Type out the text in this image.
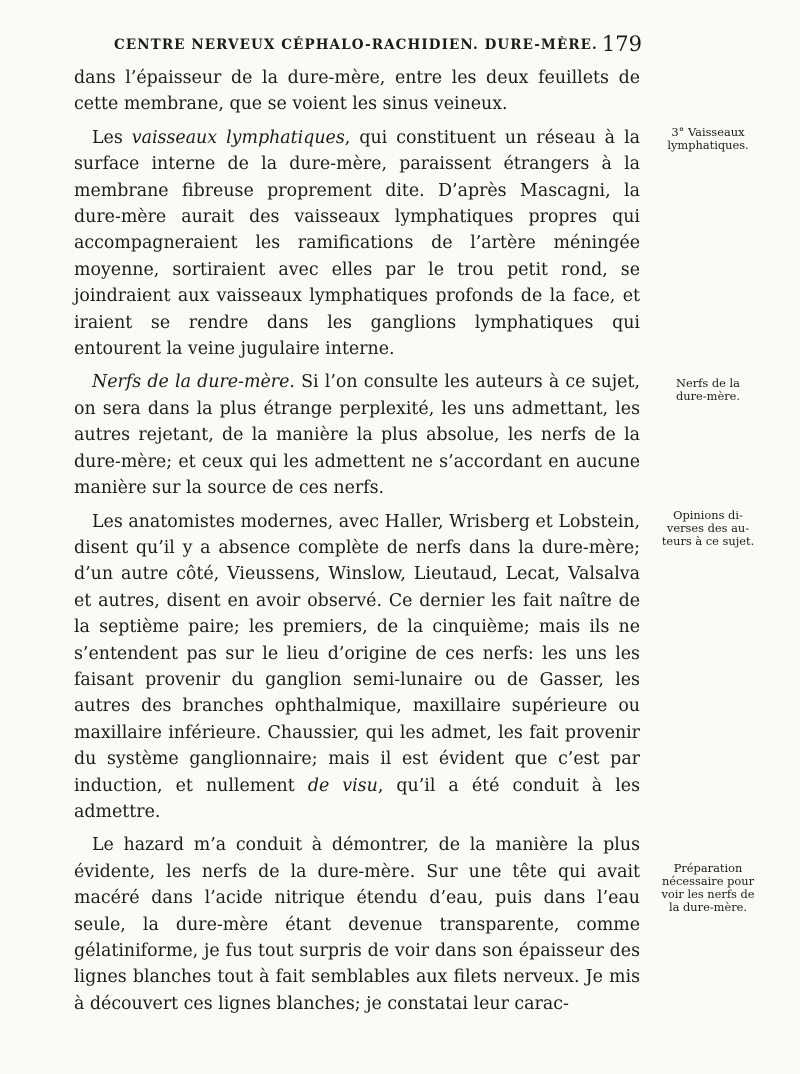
CENTRE NERVEUX CÉPHALO-RACHIDIEN. DURE-MÈRE. 179

dans l’épaisseur de la dure-mère, entre les deux feuillets de cette membrane, que se voient les sinus veineux.

Les vaisseaux lymphatiques, qui constituent un réseau à la surface interne de la dure-mère, paraissent étrangers à la membrane fibreuse proprement dite. D’après Mascagni, la dure-mère aurait des vaisseaux lymphatiques propres qui accompagneraient les ramifications de l’artère méningée moyenne, sortiraient avec elles par le trou petit rond, se joindraient aux vaisseaux lymphatiques profonds de la face, et iraient se rendre dans les ganglions lymphatiques qui entourent la veine jugulaire interne.

Nerfs de la dure-mère. Si l’on consulte les auteurs à ce sujet, on sera dans la plus étrange perplexité, les uns admettant, les autres rejetant, de la manière la plus absolue, les nerfs de la dure-mère; et ceux qui les admettent ne s’accordant en aucune manière sur la source de ces nerfs.

Les anatomistes modernes, avec Haller, Wrisberg et Lobstein, disent qu’il y a absence complète de nerfs dans la dure-mère; d’un autre côté, Vieussens, Winslow, Lieutaud, Lecat, Valsalva et autres, disent en avoir observé. Ce dernier les fait naître de la septième paire; les premiers, de la cinquième; mais ils ne s’entendent pas sur le lieu d’origine de ces nerfs: les uns les faisant provenir du ganglion semi-lunaire ou de Gasser, les autres des branches ophthalmique, maxillaire supérieure ou maxillaire inférieure. Chaussier, qui les admet, les fait provenir du système ganglionnaire; mais il est évident que c’est par induction, et nullement de visu, qu’il a été conduit à les admettre.

Le hazard m’a conduit à démontrer, de la manière la plus évidente, les nerfs de la dure-mère. Sur une tête qui avait macéré dans l’acide nitrique étendu d’eau, puis dans l’eau seule, la dure-mère étant devenue transparente, comme gélatiniforme, je fus tout surpris de voir dans son épaisseur des lignes blanches tout à fait semblables aux filets nerveux. Je mis à découvert ces lignes blanches; je constatai leur carac-

3° Vaisseaux
lymphatiques.
Nerfs de la
dure-mère.
Opinions di-
verses des au-
teurs à ce sujet.
Préparation
nécessaire pour
voir les nerfs de
la dure-mère.
